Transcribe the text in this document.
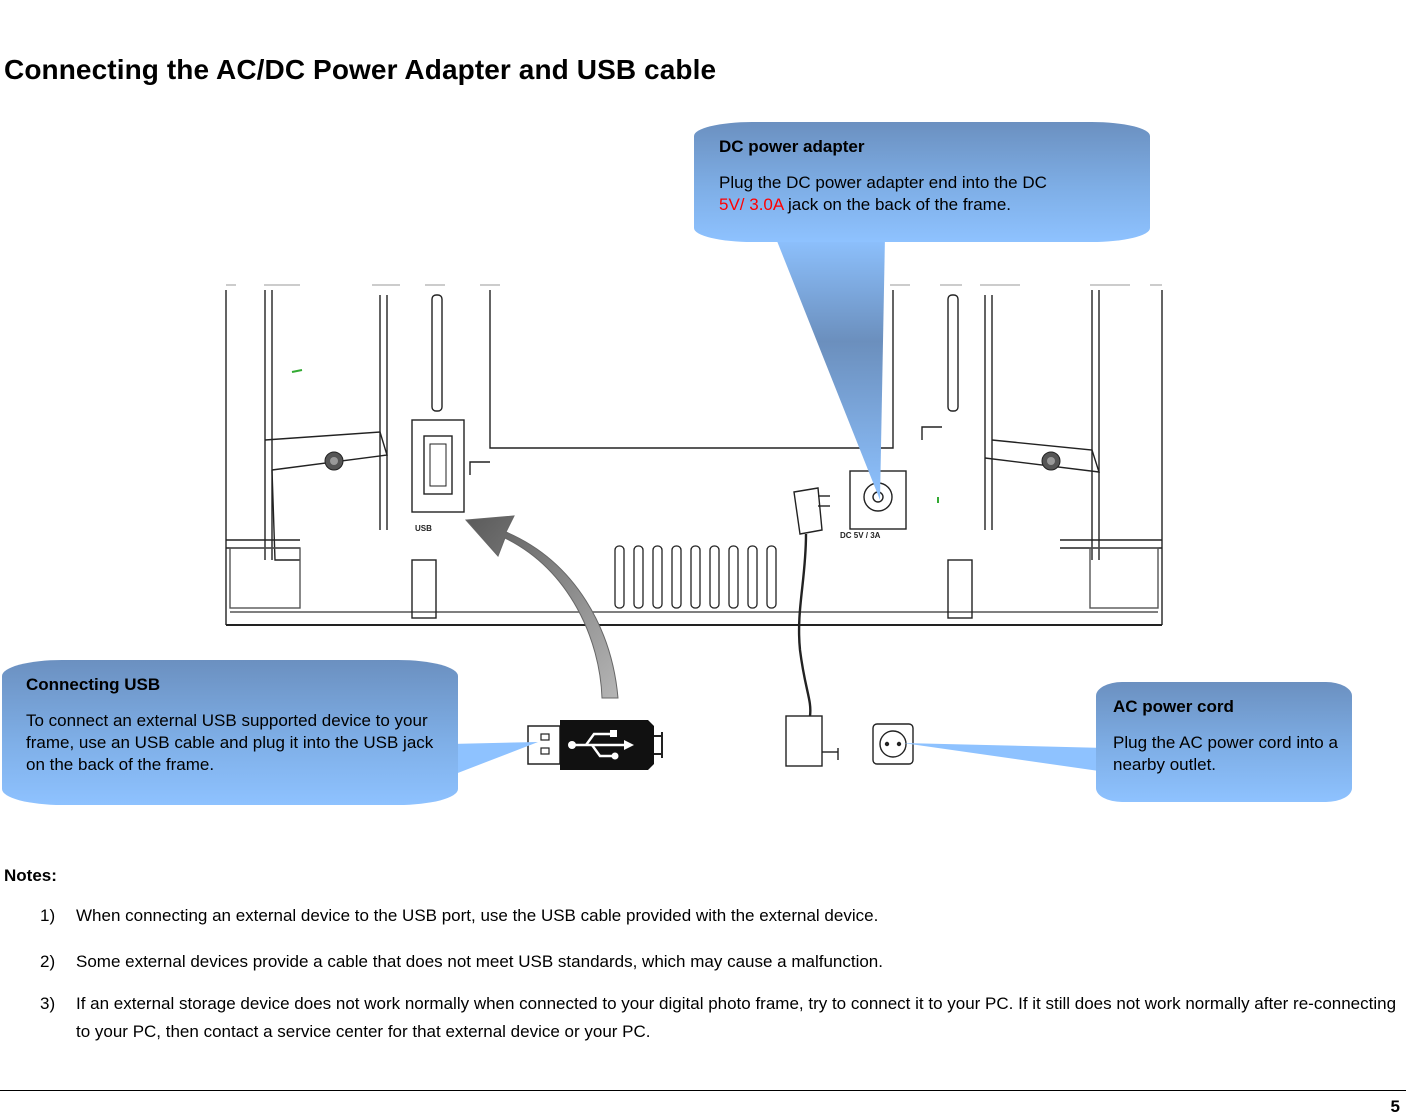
Connecting the AC/DC Power Adapter and USB cable
USB
DC 5V / 3A
DC power adapter
Plug the DC power adapter end into the DC
5V/ 3.0A jack on the back of the frame.
Connecting USB
To connect an external USB supported device to your frame, use an USB cable and plug it into the USB jack on the back of the frame.
AC power cord
Plug the AC power cord into a nearby outlet.
Notes:
1) When connecting an external device to the USB port, use the USB cable provided with the external device.
2) Some external devices provide a cable that does not meet USB standards, which may cause a malfunction.
3) If an external storage device does not work normally when connected to your digital photo frame, try to connect it to your PC. If it still does not work normally after re-connecting to your PC, then contact a service center for that external device or your PC.
5
